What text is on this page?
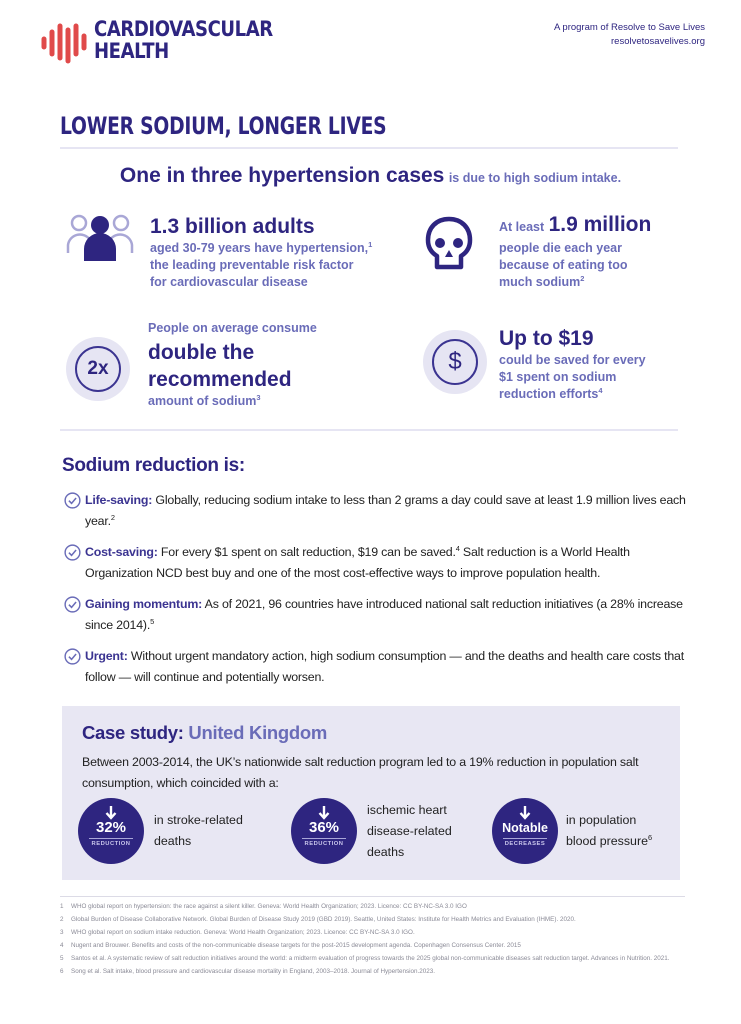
CARDIOVASCULAR
HEALTH
A program of Resolve to Save Lives
resolvetosavelives.org
LOWER SODIUM, LONGER LIVES
One in three hypertension cases is due to high sodium intake.
1.3 billion adults
aged 30-79 years have hypertension,$^1$
the leading preventable risk factor
for cardiovascular disease
At least 1.9 million
people die each year
because of eating too
much sodium$^2$
2x
People on average consume
double the
recommended
amount of sodium$^3$
$
Up to $19
could be saved for every
$1 spent on sodium
reduction efforts$^4$
Sodium reduction is:
Life-saving: Globally, reducing sodium intake to less than 2 grams a day could save at least 1.9 million lives each year.$^2$
Cost-saving: For every $1 spent on salt reduction, $19 can be saved.$^4$ Salt reduction is a World Health Organization NCD best buy and one of the most cost-effective ways to improve population health.
Gaining momentum: As of 2021, 96 countries have introduced national salt reduction initiatives (a 28% increase since 2014).$^5$
Urgent: Without urgent mandatory action, high sodium consumption — and the deaths and health care costs that follow — will continue and potentially worsen.
Case study: United Kingdom
Between 2003-2014, the UK’s nationwide salt reduction program led to a 19% reduction in population salt consumption, which coincided with a:
32%
REDUCTION
in stroke-related
deaths
36%
REDUCTION
ischemic heart
disease-related
deaths
Notable
DECREASES
in population
blood pressure$^6$
1 WHO global report on hypertension: the race against a silent killer. Geneva: World Health Organization; 2023. Licence: CC BY-NC-SA 3.0 IGO
2 Global Burden of Disease Collaborative Network. Global Burden of Disease Study 2019 (GBD 2019). Seattle, United States: Institute for Health Metrics and Evaluation (IHME). 2020.
3 WHO global report on sodium intake reduction. Geneva: World Health Organization; 2023. Licence: CC BY-NC-SA 3.0 IGO.
4 Nugent and Brouwer. Benefits and costs of the non-communicable disease targets for the post-2015 development agenda. Copenhagen Consensus Center. 2015
5 Santos et al. A systematic review of salt reduction initiatives around the world: a midterm evaluation of progress towards the 2025 global non-communicable diseases salt reduction target. Advances in Nutrition. 2021.
6 Song et al. Salt intake, blood pressure and cardiovascular disease mortality in England, 2003–2018. Journal of Hypertension.2023.
